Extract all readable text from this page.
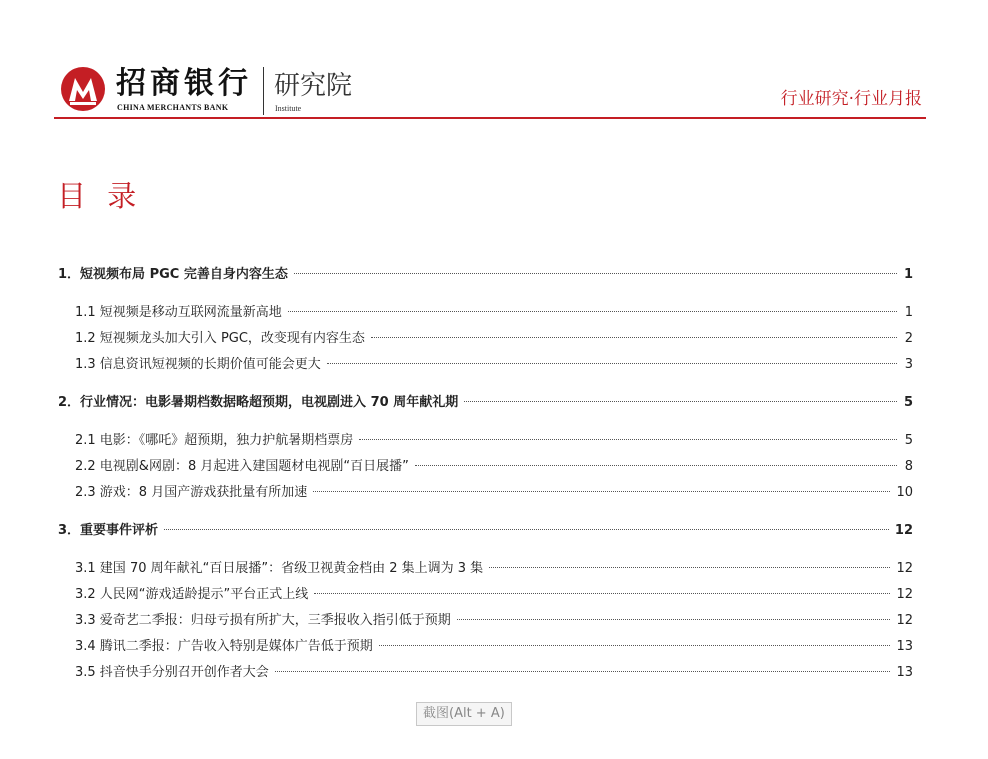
招商银行
CHINA MERCHANTS BANK
研究院
Institute	行业研究·行业月报
目 录
1．短视频布局 PGC 完善自身内容生态	1
1.1 短视频是移动互联网流量新高地	1
1.2 短视频龙头加大引入 PGC，改变现有内容生态	2
1.3 信息资讯短视频的长期价值可能会更大	3
2．行业情况：电影暑期档数据略超预期，电视剧进入 70 周年献礼期	5
2.1 电影：《哪吒》超预期，独力护航暑期档票房	5
2.2 电视剧&网剧：8 月起进入建国题材电视剧“百日展播”	8
2.3 游戏：8 月国产游戏获批量有所加速	10
3．重要事件评析	12
3.1 建国 70 周年献礼“百日展播”：省级卫视黄金档由 2 集上调为 3 集	12
3.2 人民网“游戏适龄提示”平台正式上线	12
3.3 爱奇艺二季报：归母亏损有所扩大，三季报收入指引低于预期	12
3.4 腾讯二季报：广告收入特别是媒体广告低于预期	13
3.5 抖音快手分别召开创作者大会	13
截图(Alt + A)
